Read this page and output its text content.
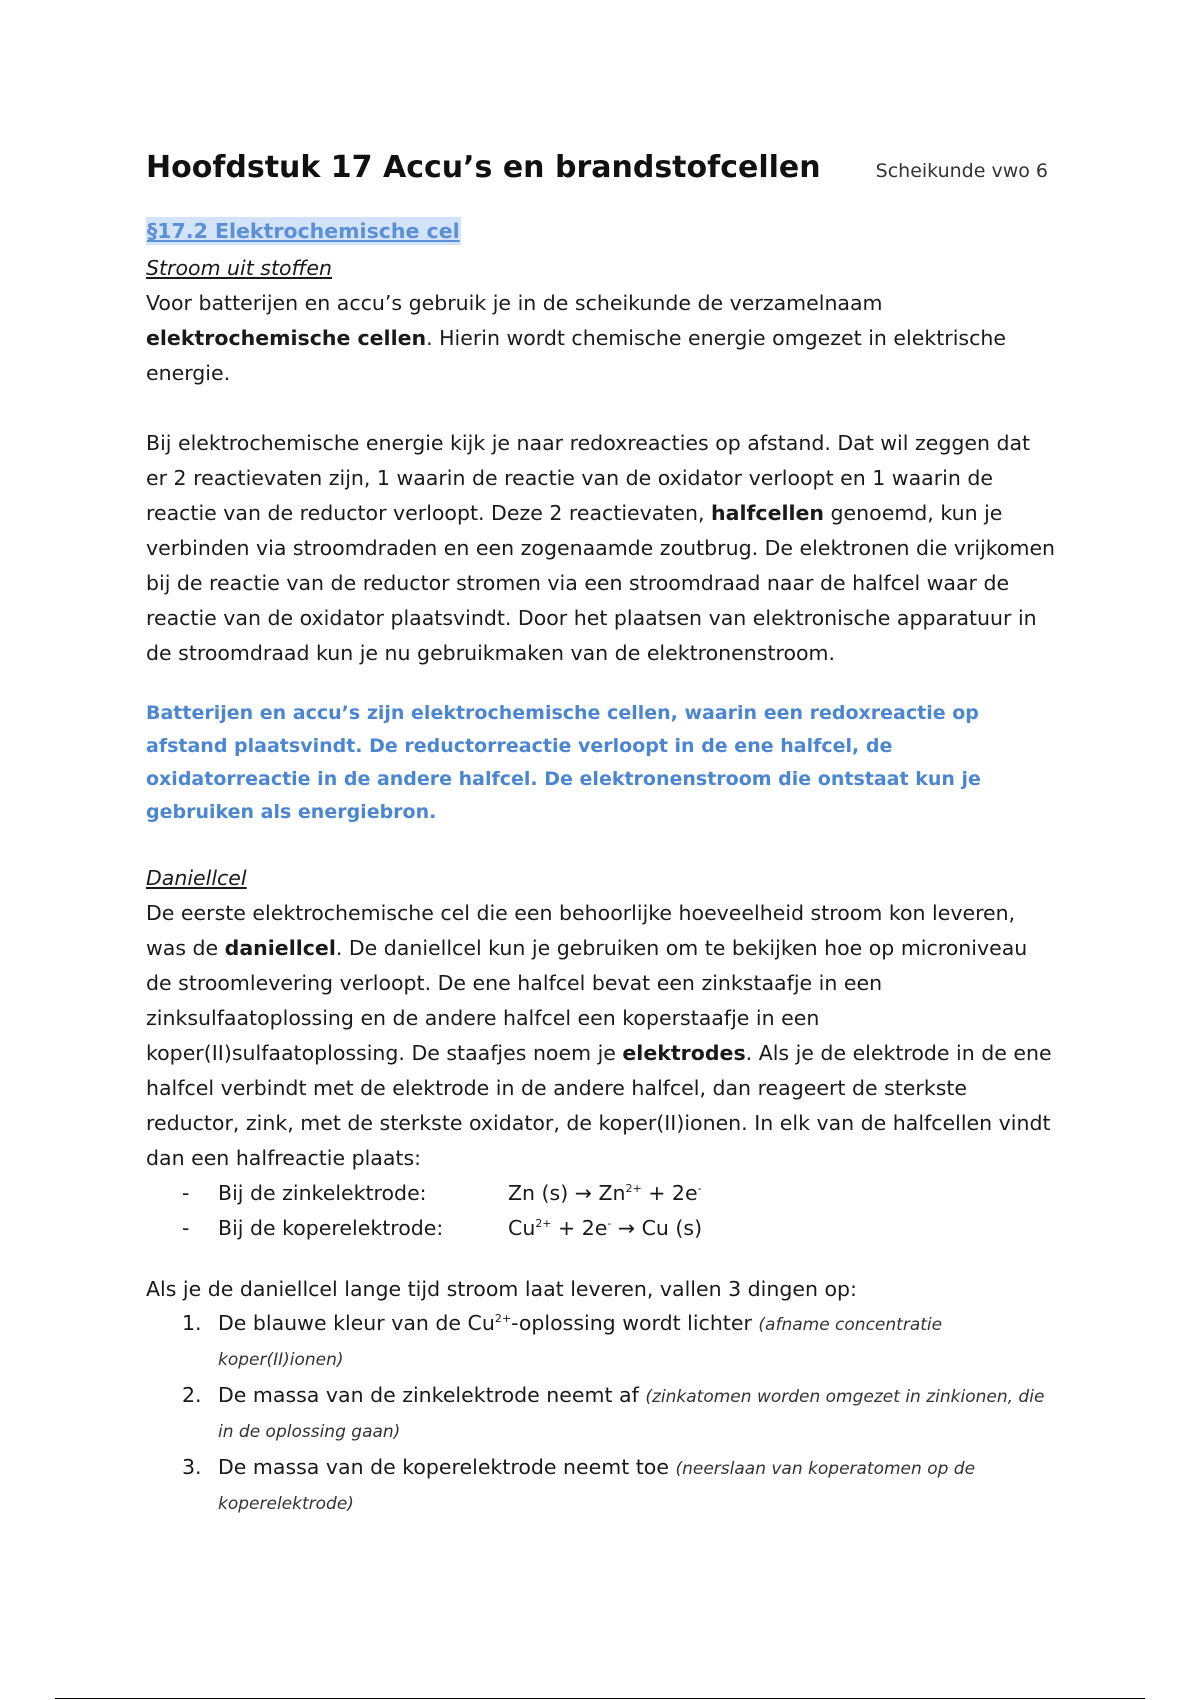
Hoofdstuk 17 Accu’s en brandstofcellen	Scheikunde vwo 6
§17.2 Elektrochemische cel
Stroom uit stoffen

Voor batterijen en accu’s gebruik je in de scheikunde de verzamelnaam elektrochemische cellen. Hierin wordt chemische energie omgezet in elektrische energie.

Bij elektrochemische energie kijk je naar redoxreacties op afstand. Dat wil zeggen dat er 2 reactievaten zijn, 1 waarin de reactie van de oxidator verloopt en 1 waarin de reactie van de reductor verloopt. Deze 2 reactievaten, halfcellen genoemd, kun je verbinden via stroomdraden en een zogenaamde zoutbrug. De elektronen die vrijkomen bij de reactie van de reductor stromen via een stroomdraad naar de halfcel waar de reactie van de oxidator plaatsvindt. Door het plaatsen van elektronische apparatuur in de stroomdraad kun je nu gebruikmaken van de elektronenstroom.

Batterijen en accu’s zijn elektrochemische cellen, waarin een redoxreactie op afstand plaatsvindt. De reductorreactie verloopt in de ene halfcel, de oxidatorreactie in de andere halfcel. De elektronenstroom die ontstaat kun je gebruiken als energiebron.

Daniellcel

De eerste elektrochemische cel die een behoorlijke hoeveelheid stroom kon leveren, was de daniellcel. De daniellcel kun je gebruiken om te bekijken hoe op microniveau de stroomlevering verloopt. De ene halfcel bevat een zinkstaafje in een zinksulfaatoplossing en de andere halfcel een koperstaafje in een koper(II)sulfaatoplossing. De staafjes noem je elektrodes. Als je de elektrode in de ene halfcel verbindt met de elektrode in de andere halfcel, dan reageert de sterkste reductor, zink, met de sterkste oxidator, de koper(II)ionen. In elk van de halfcellen vindt dan een halfreactie plaats:

- Bij de zinkelektrode:	Zn $(s) \to Zn^{2+} + 2e^-$
- Bij de koperelektrode:	$Cu^{2+} + 2e^- \to Cu$ (s)

Als je de daniellcel lange tijd stroom laat leveren, vallen 3 dingen op:

1. De blauwe kleur van de $Cu^{2+}$-oplossing wordt lichter (afname concentratie koper(II)ionen)
2. De massa van de zinkelektrode neemt af (zinkatomen worden omgezet in zinkionen, die in de oplossing gaan)
3. De massa van de koperelektrode neemt toe (neerslaan van koperatomen op de koperelektrode)
